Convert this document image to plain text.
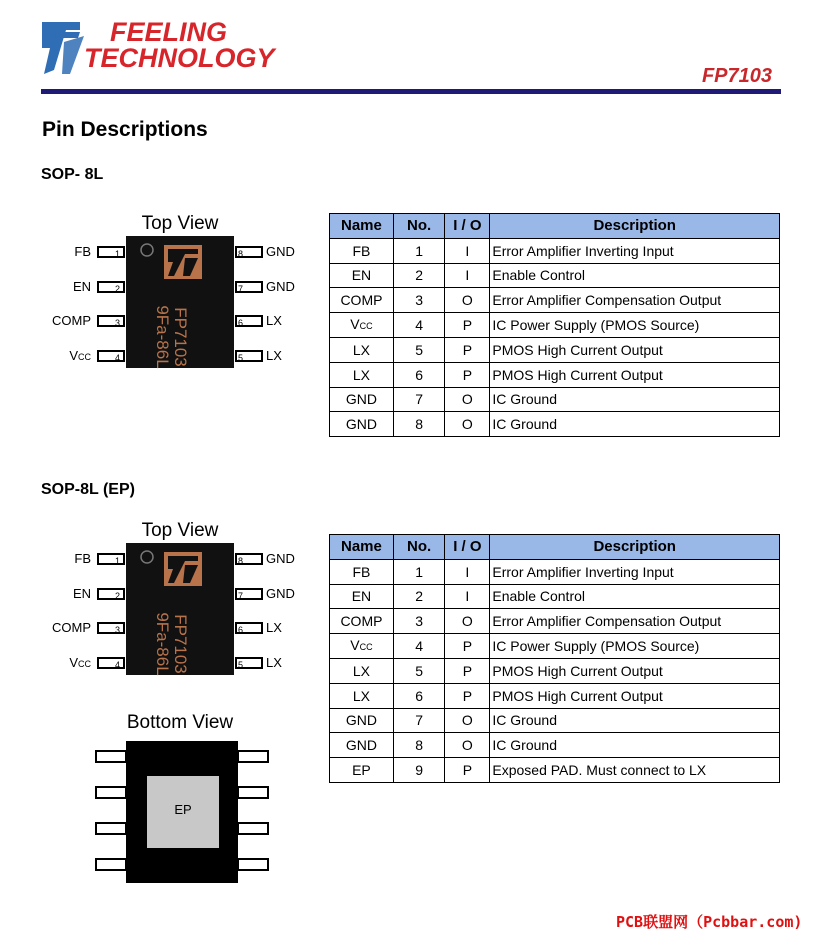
FEELING
TECHNOLOGY
FP7103
Pin Descriptions
SOP- 8L
Top View
FP7103
9Fa-86L
1
FB
2
EN
3
COMP
4
VCC
8 GND
7 GND
6 LX
5 LX
Name	No.	I / O	Description
FB	1	I	Error Amplifier Inverting Input
EN	2	I	Enable Control
COMP	3	O	Error Amplifier Compensation Output
VCC	4	P	IC Power Supply (PMOS Source)
LX	5	P	PMOS High Current Output
LX	6	P	PMOS High Current Output
GND	7	O	IC Ground
GND	8	O	IC Ground
SOP-8L (EP)
Top View
FP7103
9Fa-86L
1
FB
2
EN
3
COMP
4
VCC
8 GND
7 GND
6 LX
5 LX
Bottom View
EP
Name	No.	I / O	Description
FB	1	I	Error Amplifier Inverting Input
EN	2	I	Enable Control
COMP	3	O	Error Amplifier Compensation Output
VCC	4	P	IC Power Supply (PMOS Source)
LX	5	P	PMOS High Current Output
LX	6	P	PMOS High Current Output
GND	7	O	IC Ground
GND	8	O	IC Ground
EP	9	P	Exposed PAD. Must connect to LX
PCB联盟网（Pcbbar.com)
